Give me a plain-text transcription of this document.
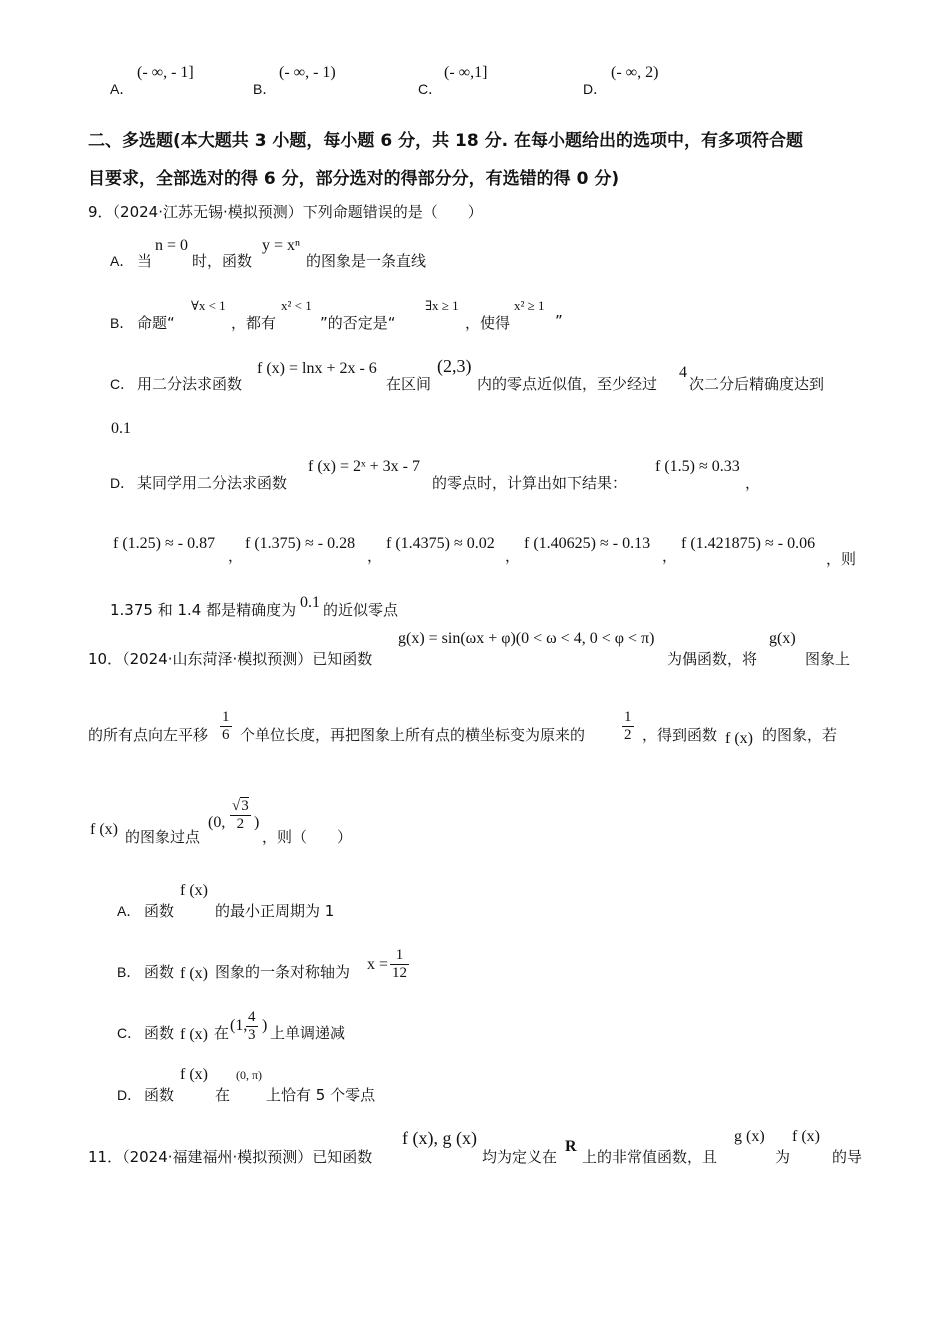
A．
(- ∞, - 1]
B．
(- ∞, - 1)
C．
(- ∞,1]
D．
(- ∞, 2)
二、多选题(本大题共 3 小题，每小题 6 分，共 18 分. 在每小题给出的选项中，有多项符合题
目要求，全部选对的得 6 分，部分选对的得部分分，有选错的得 0 分)
9．（2024·江苏无锡·模拟预测）下列命题错误的是（　　）
A． 当
n = 0
时，函数
y = xⁿ
的图象是一条直线
B． 命题“
∀x < 1
，都有
x² < 1
”的否定是“
∃x ≥ 1
，使得
x² ≥ 1
”
C． 用二分法求函数
f (x) = lnx + 2x - 6
在区间
(2,3)
内的零点近似值，至少经过
4
次二分后精确度达到
0.1
D． 某同学用二分法求函数
f (x) = 2ˣ + 3x - 7
的零点时，计算出如下结果：
f (1.5) ≈ 0.33
，
f (1.25) ≈ - 0.87
，
f (1.375) ≈ - 0.28
，
f (1.4375) ≈ 0.02
，
f (1.40625) ≈ - 0.13
，
f (1.421875) ≈ - 0.06
，则
1.375 和 1.4 都是精确度为 0.1 的近似零点
10．（2024·山东菏泽·模拟预测）已知函数
g(x) = sin(ωx + φ)(0 < ω < 4, 0 < φ < π)
为偶函数，将
g(x)
图象上
的所有点向左平移 $\frac{1}{6}$ 个单位长度，再把图象上所有点的横坐标变为原来的 $\frac{1}{2}$ ，得到函数 f (x) 的图象，若
f (x) 的图象过点
(0, $\frac{√3}{2}$ )
，则（　　）
A． 函数
f (x)
的最小正周期为 1
B． 函数 f (x) 图象的一条对称轴为 $x = \frac{1}{12}$
C． 函数 f (x) 在 (1,
$\frac{4}{3}$ ) 上单调递减
D． 函数
f (x)
在
(0, π)
上恰有 5 个零点
11．（2024·福建福州·模拟预测）已知函数
f (x), g (x)
均为定义在
R
上的非常值函数，且
g (x)
为
f (x)
的导
